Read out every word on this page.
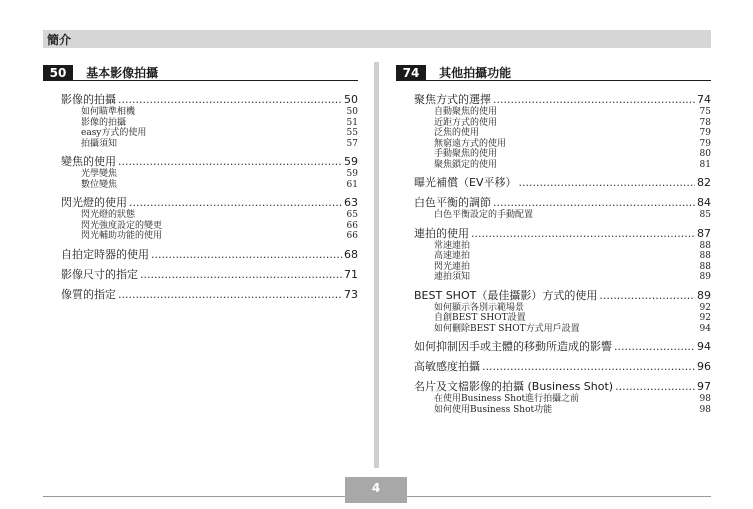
簡介
50 基本影像拍攝
影像的拍攝 .....	50
如何瞄準相機	50
影像的拍攝	51
easy方式的使用	55
拍攝須知	57
變焦的使用 .....	59
光學變焦	59
數位變焦	61
閃光燈的使用 .....	63
閃光燈的狀態	65
閃光強度設定的變更	66
閃光輔助功能的使用	66
自拍定時器的使用 .....	68
影像尺寸的指定 .....	71
像質的指定 .....	73
74 其他拍攝功能
聚焦方式的選擇 .....	74
自動聚焦的使用	75
近距方式的使用	78
泛焦的使用	79
無窮遠方式的使用	79
手動聚焦的使用	80
聚焦鎖定的使用	81
曝光補償（EV平移） .....	82
白色平衡的調節 .....	84
白色平衡設定的手動配置	85
連拍的使用 .....	87
常速連拍	88
高速連拍	88
閃光連拍	88
連拍須知	89
BEST SHOT（最佳攝影）方式的使用 .....	89
如何顯示各別示範場景	92
自創BEST SHOT設置	92
如何刪除BEST SHOT方式用戶設置	94
如何抑制因手或主體的移動所造成的影響 .....	94
高敏感度拍攝 .....	96
名片及文檔影像的拍攝 (Business Shot) .....	97
在使用Business Shot進行拍攝之前	98
如何使用Business Shot功能	98
4
